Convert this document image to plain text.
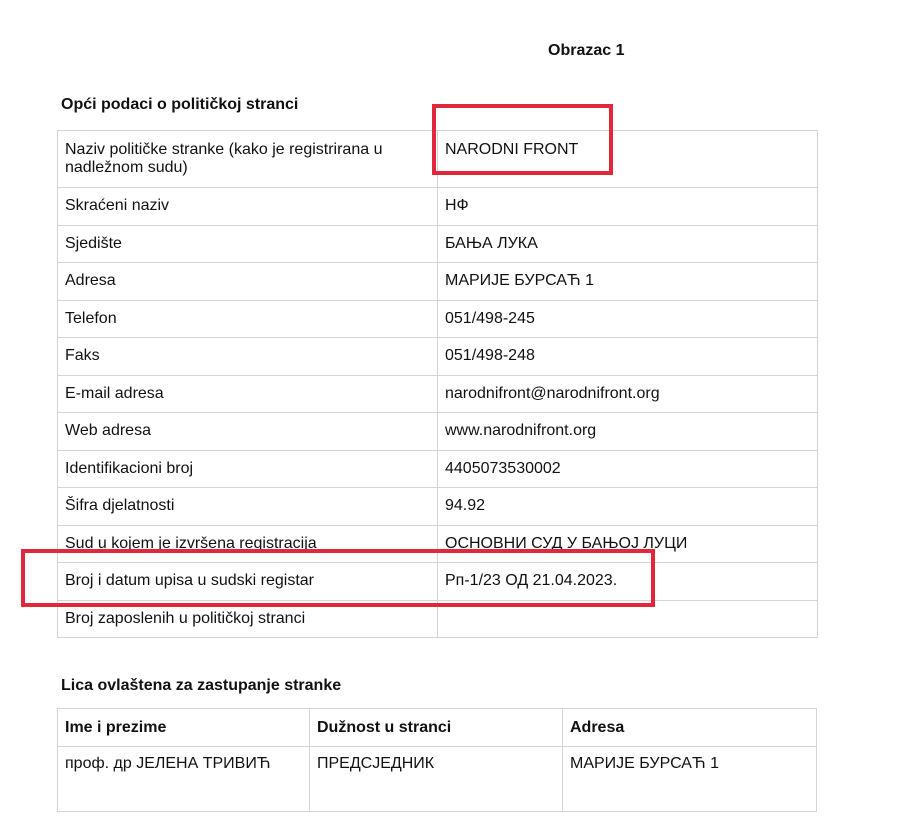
Obrazac 1
Opći podaci o političkoj stranci
Naziv političke stranke (kako je registrirana u nadležnom sudu)	NARODNI FRONT
Skraćeni naziv	НФ
Sjedište	БАЊА ЛУКА
Adresa	МАРИЈЕ БУРСАЋ 1
Telefon	051/498-245
Faks	051/498-248
E-mail adresa	narodnifront@narodnifront.org
Web adresa	www.narodnifront.org
Identifikacioni broj	4405073530002
Šifra djelatnosti	94.92
Sud u kojem je izvršena registracija	ОСНОВНИ СУД У БАЊОЈ ЛУЦИ
Broj i datum upisa u sudski registar	Рп-1/23 ОД 21.04.2023.
Broj zaposlenih u političkoj stranci	
Lica ovlaštena za zastupanje stranke
Ime i prezime	Dužnost u stranci	Adresa
проф. др ЈЕЛЕНА ТРИВИЋ	ПРЕДСЈЕДНИК	МАРИЈЕ БУРСАЋ 1
